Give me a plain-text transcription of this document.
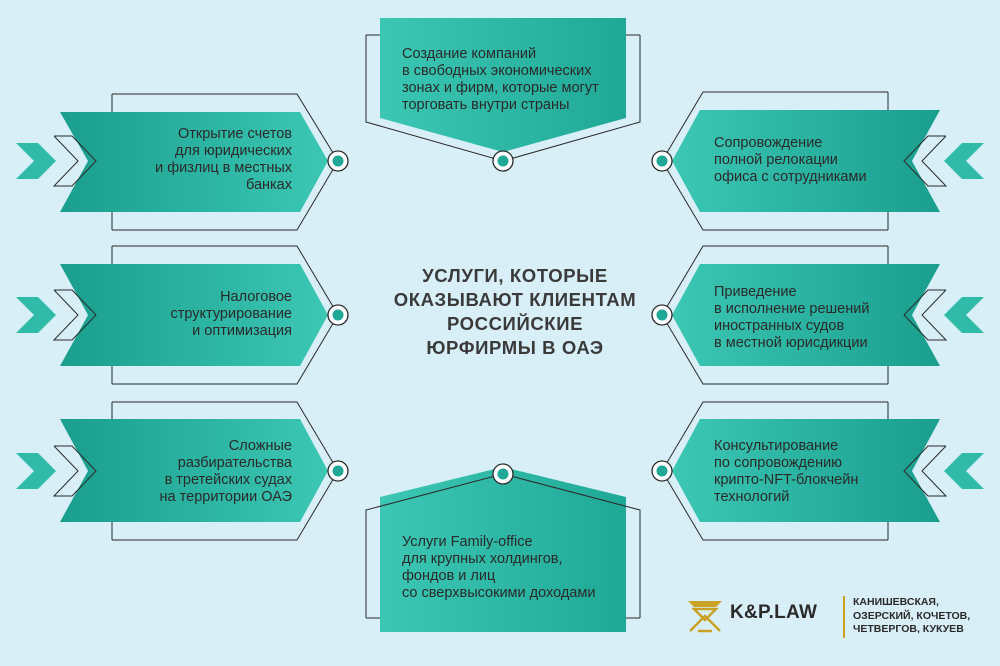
Создание компаний
в свободных экономических
зонах и фирм, которые могут
торговать внутри страны
Открытие счетов
для юридических
и физлиц в местных
банках
Налоговое
структурирование
и оптимизация
Сложные
разбирательства
в третейских судах
на территории ОАЭ
Сопровождение
полной релокации
офиса с сотрудниками
Приведение
в исполнение решений
иностранных судов
в местной юрисдикции
Консультирование
по сопровождению
крипто-NFT-блокчейн
технологий
Услуги Family-office
для крупных холдингов,
фондов и лиц
со сверхвысокими доходами
УСЛУГИ, КОТОРЫЕ
ОКАЗЫВАЮТ КЛИЕНТАМ
РОССИЙСКИЕ
ЮРФИРМЫ В ОАЭ
K&P.LAW	КАНИШЕВСКАЯ,
ОЗЕРСКИЙ, КОЧЕТОВ,
ЧЕТВЕРГОВ, КУКУЕВ
